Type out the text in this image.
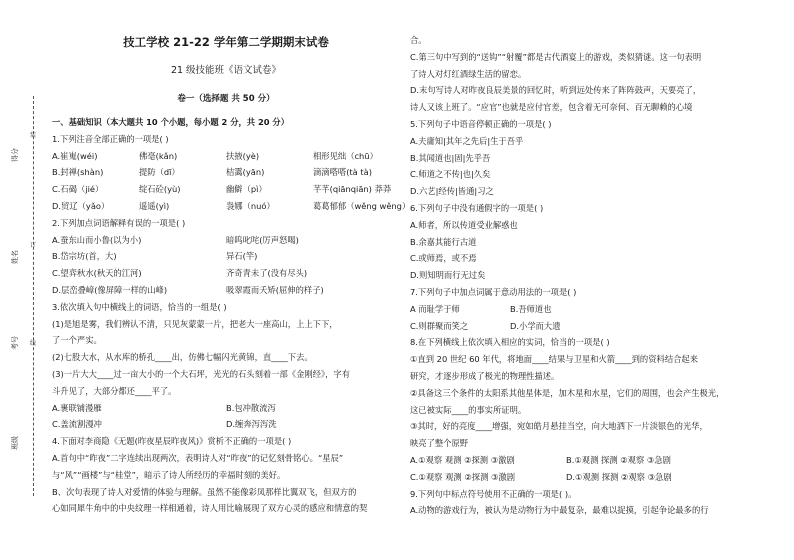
得分
姓名
考号
班级
装
订
线
技工学校 21-22 学年第二学期期末试卷
21 级技能班《语文试卷》
卷一（选择题 共 50 分）
一、基础知识（本大题共 10 个小题，每小题 2 分，共 20 分）
1.下列注音全部正确的一项是( )
A.崔嵬(wéi)	佛毫(kǎn)	扶掖(yè)	相形见绌（chū）
B.封禅(shàn)	提防（dī）	桔霭(yān)	滴滴嗒嗒(tà tà)
C.石碣（jié）	绽石砼(yù)	幽僻（pì）	芊芊(qiānqiān) 莽莽
D.贸辽（yǎo）	遥遥(yì)	袅娜（nuó）	葛葛郁郁（wěng wěng）
2.下列加点词语解释有误的一项是( )
A.蚕东山而小鲁(以为小)	暗呜叱咤(厉声怒喝)
B.岱宗坊(首，大)	异石(竿)
C.望弈秋水(秋天的江河)	齐奇青未了(没有尽头)
D.层峦叠嶂(像屏障一样的山峰)	吸翠霞而夭矫(屈伸的样子)
3.依次填入句中横线上的词语，恰当的一组是( )
(1)是旭是雾，我们辨认不清，只见灰蒙蒙一片，把老大一座高山，上上下下，
了一个严实。
(2)七股大水，从水库的桥孔____出，仿佛七幅闪光黄锦，直____下去。
(3)一片大大____过一亩大小的一个大石坪，光光的石头刻着一部《金刚经》，字有
斗升见了，大部分都还____平了。
A.裹联铺漫雁	B.包冲散流泻
C.盖流割漫冲	D.缠奔泻泻洗
4.下面对李商隐《无题(昨夜星辰昨夜风)》赏析不正确的一项是( )
A.首句中“昨夜”二字连续出现两次，表明诗人对“昨夜”的记忆刻骨铭心。“星辰”
与“风”“画楼”与“桂堂”，暗示了诗人所经历的幸福时刻的美好。
B、次句表现了诗人对爱情的体验与理解。虽然不能像彩凤那样比翼双飞，但双方的
心如同犀牛角中的中央纹理一样相通着，诗人用比喻展现了双方心灵的感应和情意的契
合。
C.第三句中写到的“送钩”“射覆”都是古代酒宴上的游戏，类似猜谜。这一句表明
了诗人对灯红酒绿生活的留恋。
D.末句写诗人对昨夜良辰美景的回忆时，听到远处传来了阵阵鼓声，天要亮了，
诗人又该上班了。“应官”也就是应付官差，包含着无可奈何、百无聊赖的心境
5.下列句子中语音停顿正确的一项是( )
A.夫庸知|其年之先后|生于吾乎
B.其闻道也|固|先乎吾
C.师道之不传|也|久矣
D.六艺|经传|皆通|习之
6.下列句子中没有通假字的一项是( )
A.师者，所以传道受业解惑也
B.余嘉其能行古道
C.或师焉，或不焉
D.则知明而行无过矣
7.下列句子中加点词属于意动用法的一项是( )
A 而耻学于师	B.吾师道也
C.则群聚而笑之	D.小学而大遗
8.在下列横线上依次填入相应的实词，恰当的一项是( )
①直到 20 世纪 60 年代，将地面____结果与卫星和火箭____到的资料结合起来
研究，才逐步形成了极光的物理性描述。
②具备这三个条件的太阳系其他星体是，加木星和水星，它们的周围，也会产生极光，
这已被实际____的事实所证明。
③其时，好的亮度____增强，宛如皓月悬挂当空，向大地洒下一片淡银色的光华，
映亮了整个原野
A.①观察 观测 ②探测 ③激剧	B.①观测 探测 ②观察 ③急剧
C.①观察 观测 ②探测 ③激剧	D.①观测 探测 ②观察 ③急剧
9.下列句中标点符号使用不正确的一项是( )。
A.动物的游戏行为，被认为是动物行为中最复杂，最难以捉摸，引起争论最多的行
